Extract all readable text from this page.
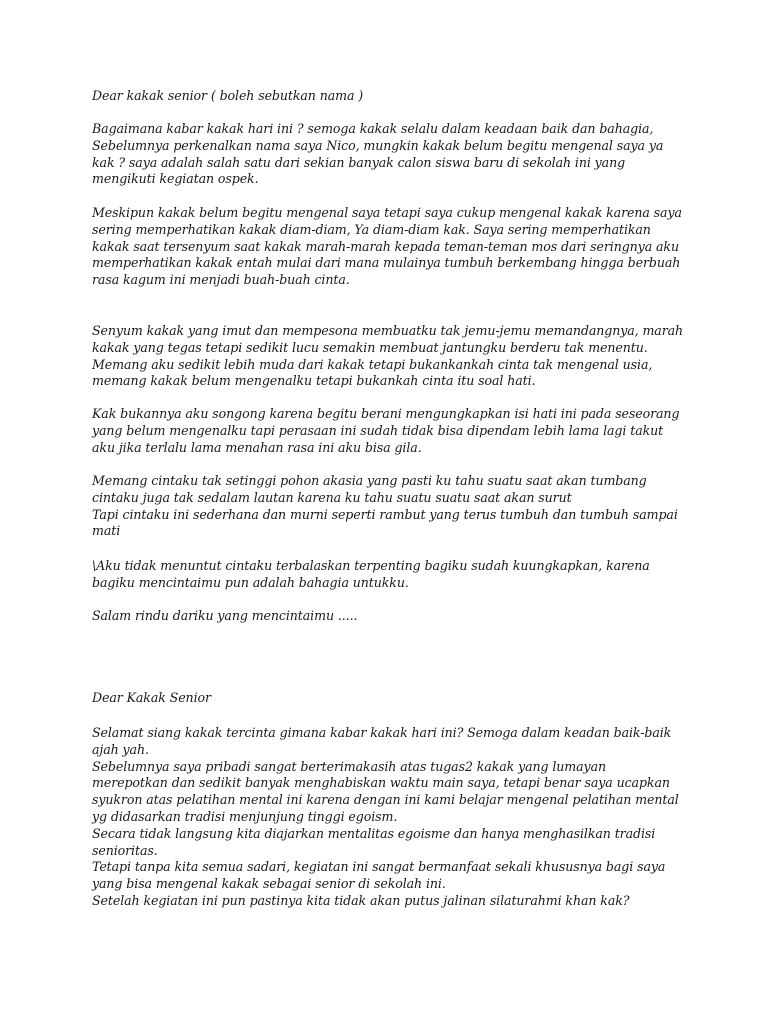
Dear kakak senior ( boleh sebutkan nama )
Bagaimana kabar kakak hari ini ? semoga kakak selalu dalam keadaan baik dan bahagia,
Sebelumnya perkenalkan nama saya Nico, mungkin kakak belum begitu mengenal saya ya
kak ? saya adalah salah satu dari sekian banyak calon siswa baru di sekolah ini yang
mengikuti kegiatan ospek.
Meskipun kakak belum begitu mengenal saya tetapi saya cukup mengenal kakak karena saya
sering memperhatikan kakak diam-diam, Ya diam-diam kak. Saya sering memperhatikan
kakak saat tersenyum saat kakak marah-marah kepada teman-teman mos dari seringnya aku
memperhatikan kakak entah mulai dari mana mulainya tumbuh berkembang hingga berbuah
rasa kagum ini menjadi buah-buah cinta.
Senyum kakak yang imut dan mempesona membuatku tak jemu-jemu memandangnya, marah
kakak yang tegas tetapi sedikit lucu semakin membuat jantungku berderu tak menentu.
Memang aku sedikit lebih muda dari kakak tetapi bukankankah cinta tak mengenal usia,
memang kakak belum mengenalku tetapi bukankah cinta itu soal hati.
Kak bukannya aku songong karena begitu berani mengungkapkan isi hati ini pada seseorang
yang belum mengenalku tapi perasaan ini sudah tidak bisa dipendam lebih lama lagi takut
aku jika terlalu lama menahan rasa ini aku bisa gila.
Memang cintaku tak setinggi pohon akasia yang pasti ku tahu suatu saat akan tumbang
cintaku juga tak sedalam lautan karena ku tahu suatu suatu saat akan surut
Tapi cintaku ini sederhana dan murni seperti rambut yang terus tumbuh dan tumbuh sampai
mati
\Aku tidak menuntut cintaku terbalaskan terpenting bagiku sudah kuungkapkan, karena
bagiku mencintaimu pun adalah bahagia untukku.
Salam rindu dariku yang mencintaimu .....
Dear Kakak Senior
Selamat siang kakak tercinta gimana kabar kakak hari ini? Semoga dalam keadan baik-baik
ajah yah.
Sebelumnya saya pribadi sangat berterimakasih atas tugas2 kakak yang lumayan
merepotkan dan sedikit banyak menghabiskan waktu main saya, tetapi benar saya ucapkan
syukron atas pelatihan mental ini karena dengan ini kami belajar mengenal pelatihan mental
yg didasarkan tradisi menjunjung tinggi egoism.
Secara tidak langsung kita diajarkan mentalitas egoisme dan hanya menghasilkan tradisi
senioritas.
Tetapi tanpa kita semua sadari, kegiatan ini sangat bermanfaat sekali khususnya bagi saya
yang bisa mengenal kakak sebagai senior di sekolah ini.
Setelah kegiatan ini pun pastinya kita tidak akan putus jalinan silaturahmi khan kak?
